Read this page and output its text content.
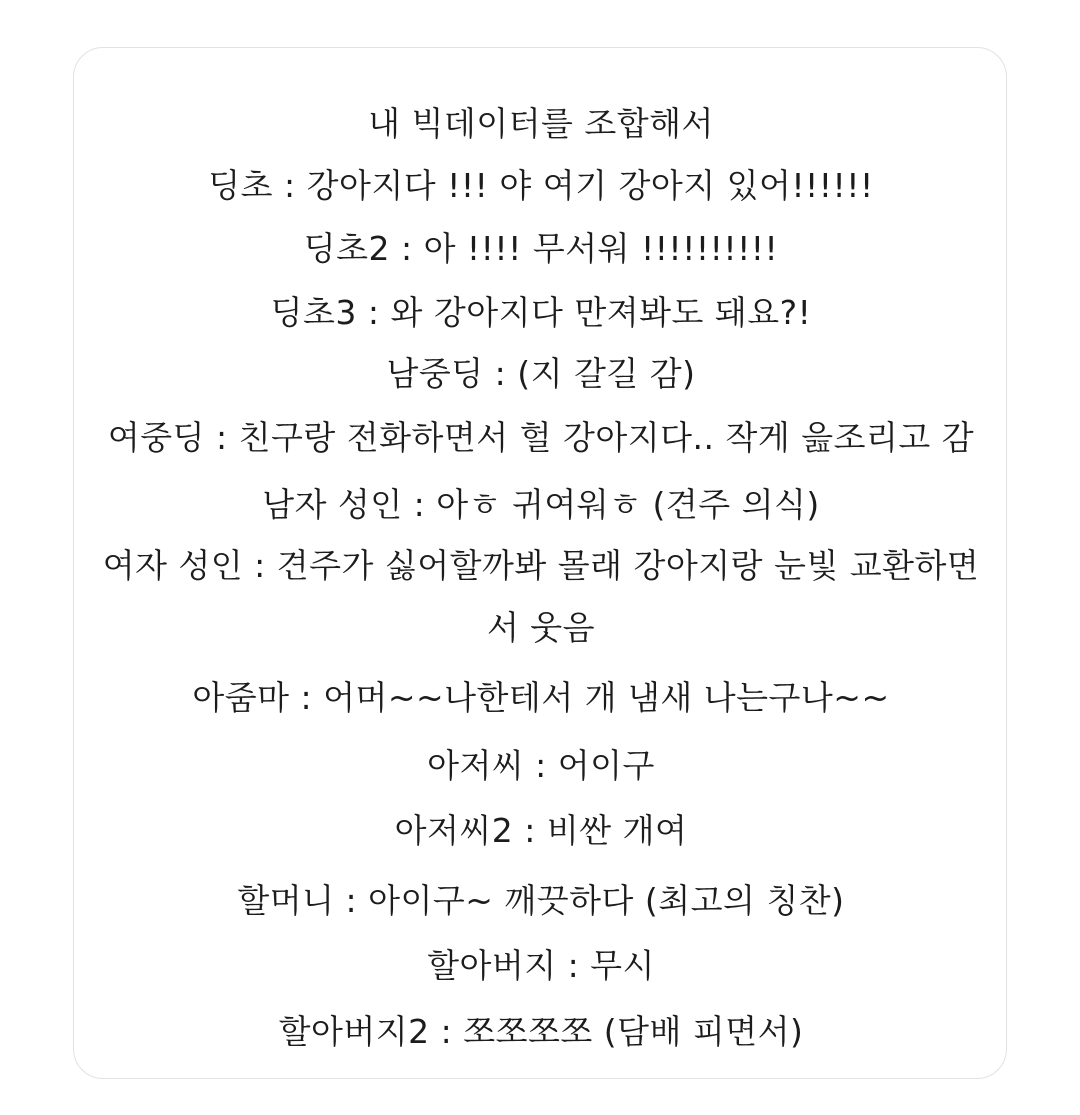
내 빅데이터를 조합해서
딩초 : 강아지다 !!! 야 여기 강아지 있어!!!!!!
딩초2 : 아 !!!! 무서워 !!!!!!!!!!
딩초3 : 와 강아지다 만져봐도 돼요?!
남중딩 : (지 갈길 감)
여중딩 : 친구랑 전화하면서 헐 강아지다.. 작게 읊조리고 감
남자 성인 : 아ㅎ 귀여워ㅎ (견주 의식)
여자 성인 : 견주가 싫어할까봐 몰래 강아지랑 눈빛 교환하면
서 웃음
아줌마 : 어머~~나한테서 개 냄새 나는구나~~
아저씨 : 어이구
아저씨2 : 비싼 개여
할머니 : 아이구~ 깨끗하다 (최고의 칭찬)
할아버지 : 무시
할아버지2 : 쪼쪼쪼쪼 (담배 피면서)
